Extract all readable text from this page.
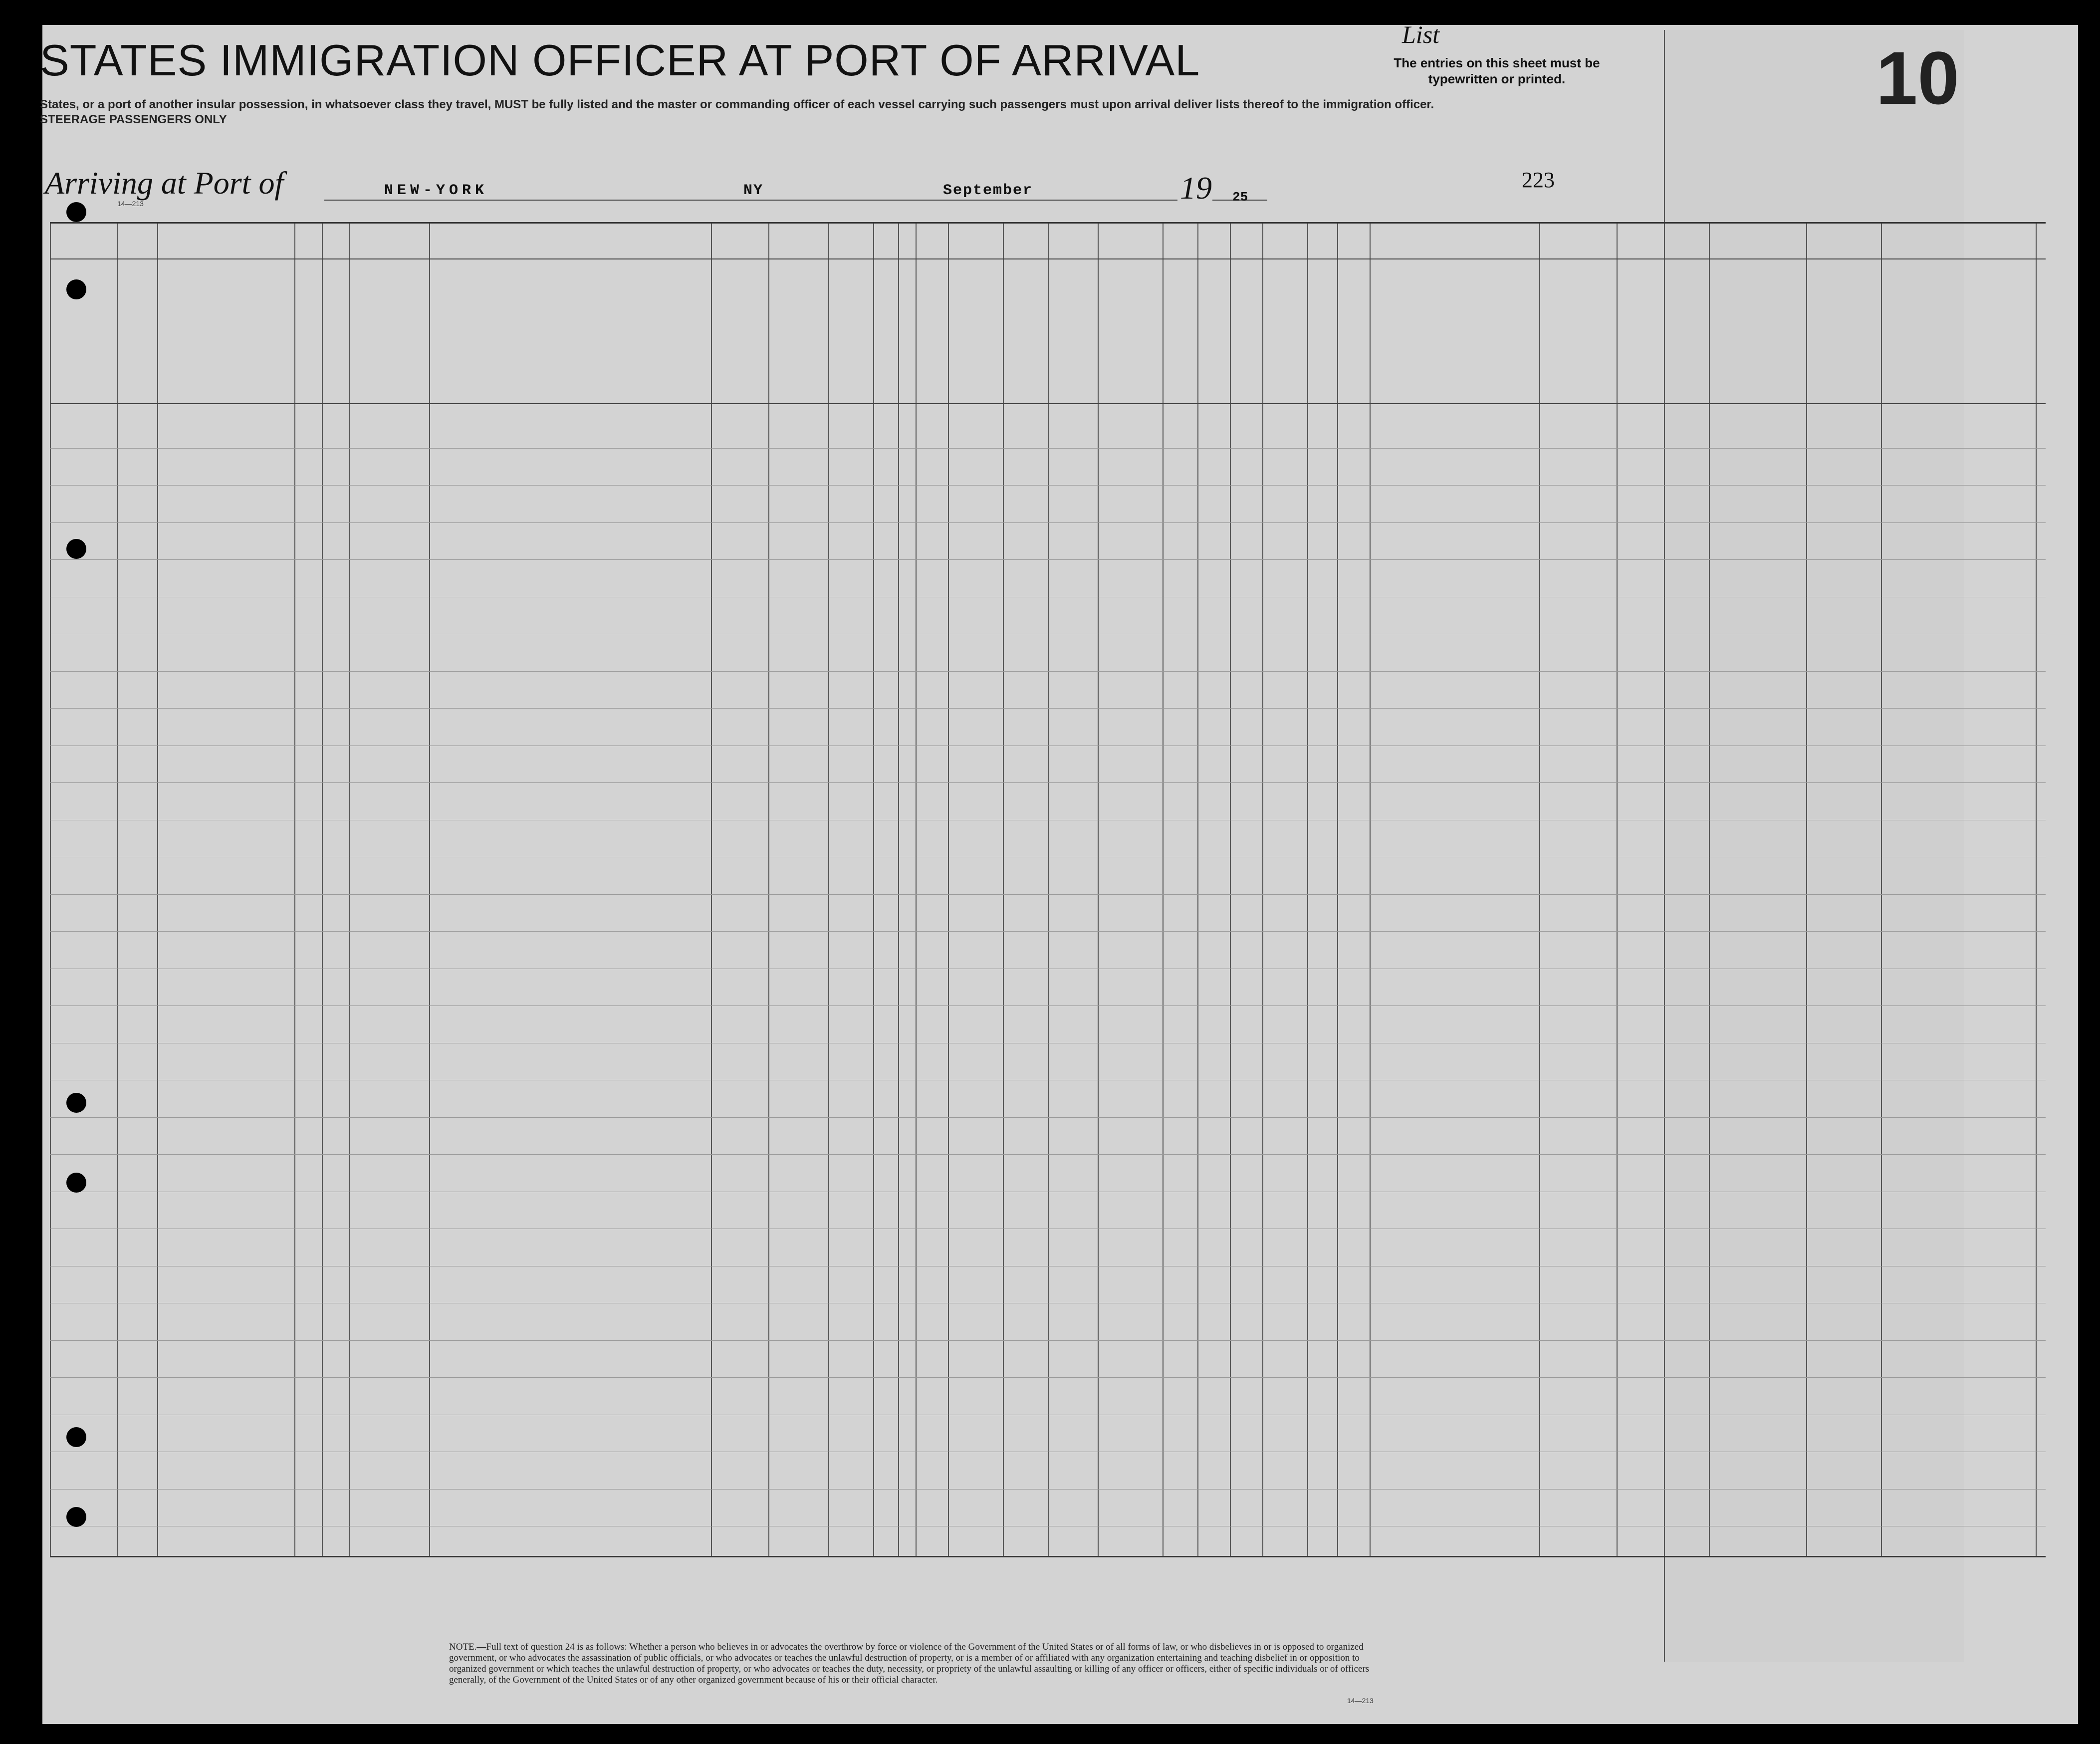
List
The entries on this sheet must be typewritten or printed.	10
STATES IMMIGRATION OFFICER AT PORT OF ARRIVAL
States, or a port of another insular possession, in whatsoever class they travel, MUST be fully listed and the master or commanding officer of each vessel carrying such passengers must upon arrival deliver lists thereof to the immigration officer.
STEERAGE PASSENGERS ONLY
14—213
Arriving at Port of	NEW-YORK	NY	September	19 25
223
NOTE.—Full text of question 24 is as follows: Whether a person who believes in or advocates the overthrow by force or violence of the Government of the United States or of all forms of law, or who disbelieves in or is opposed to organized government, or who advocates the assassination of public officials, or who advocates or teaches the unlawful destruction of property, or is a member of or affiliated with any organization entertaining and teaching disbelief in or opposition to organized government or which teaches the unlawful destruction of property, or who advocates or teaches the duty, necessity, or propriety of the unlawful assaulting or killing of any officer or officers, either of specific individuals or of officers generally, of the Government of the United States or of any other organized government because of his or their official character.
14—213
